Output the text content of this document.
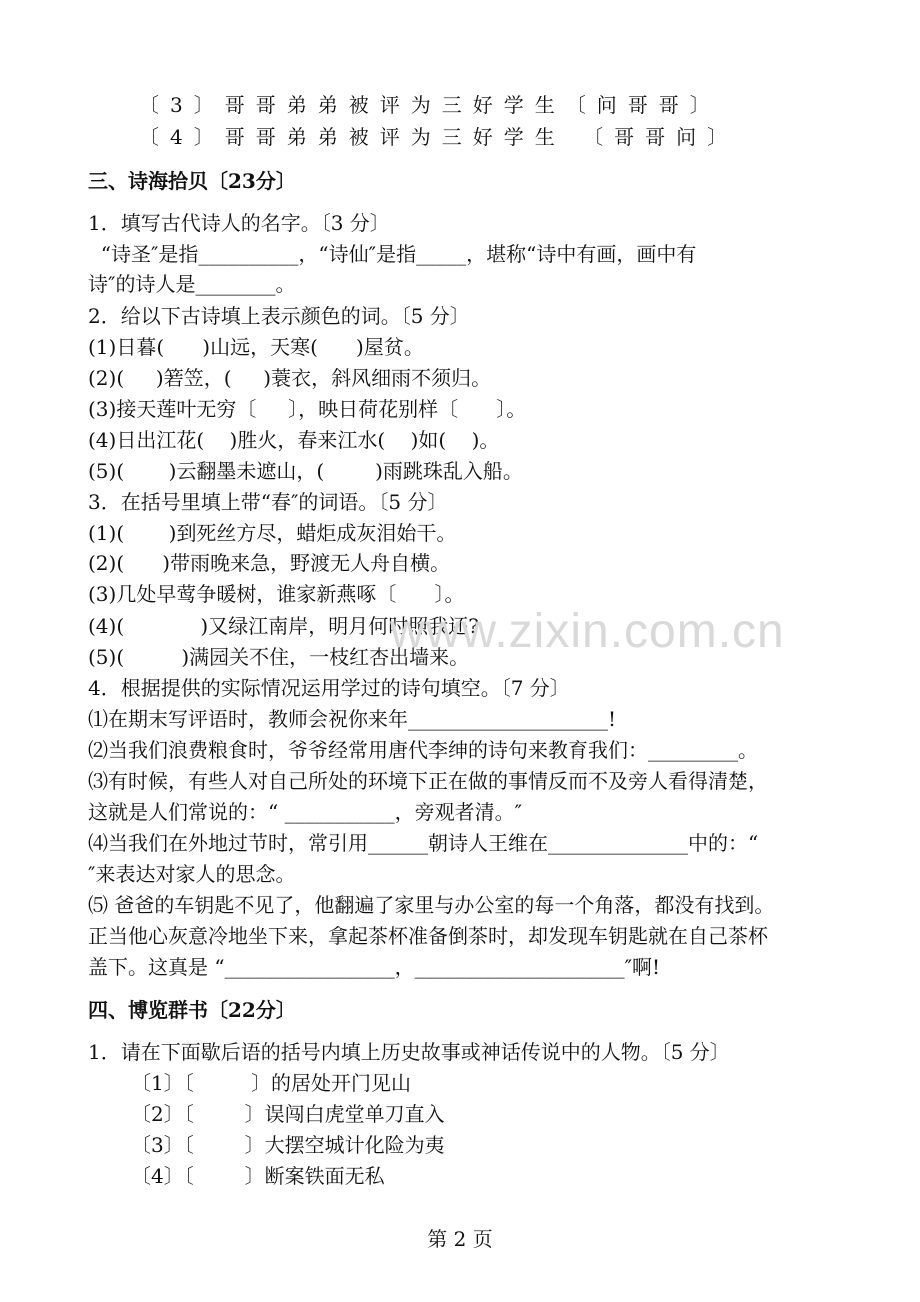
〔3〕哥哥弟弟被评为三好学生〔问哥哥〕
〔4〕哥哥弟弟被评为三好学生 〔哥哥问〕
三、诗海拾贝〔23分〕
1．填写古代诗人的名字。〔3 分〕
“诗圣″是指__________，“诗仙″是指_____，堪称“诗中有画，画中有
诗″的诗人是________。
2．给以下古诗填上表示颜色的词。〔5 分〕
(1)日暮(      )山远，天寒(      )屋贫。
(2)(     )箬笠，(     )蓑衣，斜风细雨不须归。
(3)接天莲叶无穷〔     〕，映日荷花别样〔      〕。
(4)日出江花(    )胜火，春来江水(    )如(    )。
(5)(       )云翻墨未遮山，(        )雨跳珠乱入船。
3．在括号里填上带“春″的词语。〔5 分〕
(1)(       )到死丝方尽，蜡炬成灰泪始干。
(2)(      )带雨晚来急，野渡无人舟自横。
(3)几处早莺争暖树，谁家新燕啄〔      〕。
(4)(            )又绿江南岸，明月何时照我还?
(5)(         )满园关不住，一枝红杏出墙来。
4．根据提供的实际情况运用学过的诗句填空。〔7 分〕
⑴在期末写评语时，教师会祝你来年____________________!
⑵当我们浪费粮食时，爷爷经常用唐代李绅的诗句来教育我们：_________。
⑶有时候，有些人对自己所处的环境下正在做的事情反而不及旁人看得清楚，
这就是人们常说的：“ ___________，旁观者清。″
⑷当我们在外地过节时，常引用______朝诗人王维在______________中的：“
″来表达对家人的思念。
⑸ 爸爸的车钥匙不见了，他翻遍了家里与办公室的每一个角落，都没有找到。
正当他心灰意冷地坐下来，拿起茶杯准备倒茶时，却发现车钥匙就在自己茶杯
盖下。这真是 “_________________，_____________________″啊!
四、博览群书〔22分〕
1．请在下面歇后语的括号内填上历史故事或神话传说中的人物。〔5 分〕
〔1〕〔         〕的居处开门见山
〔2〕〔        〕误闯白虎堂单刀直入
〔3〕〔        〕大摆空城计化险为夷
〔4〕〔        〕断案铁面无私
www.zixin.com.cn
第 2 页
